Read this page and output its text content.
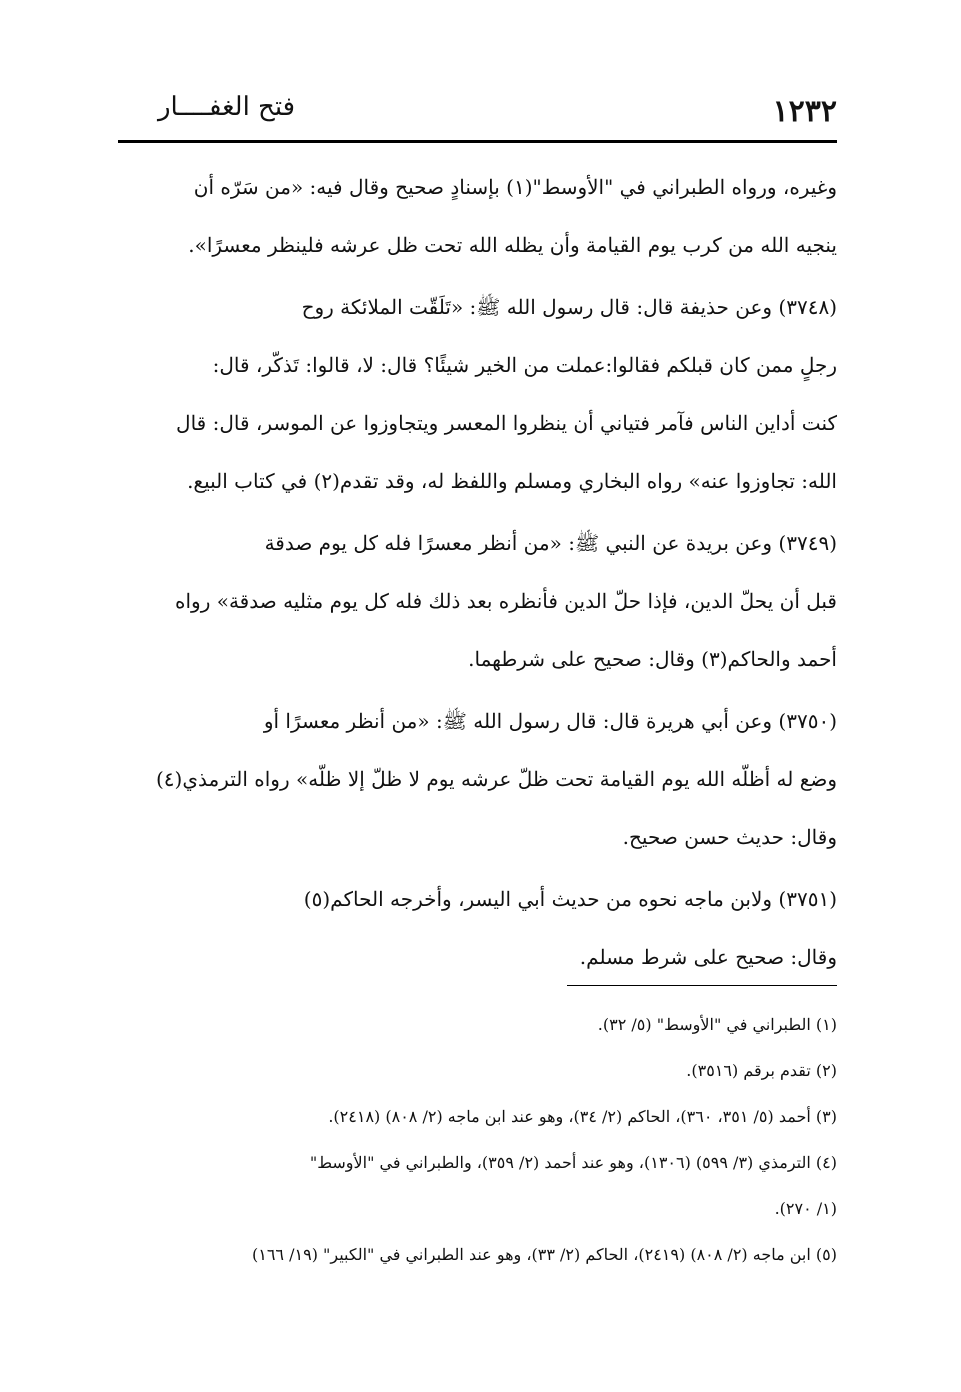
١٢٣٢
فتح الغفــــار
وغيره، ورواه الطبراني في "الأوسط"(١) بإسنادٍ صحيح وقال فيه: «من سَرّه أن
ينجيه الله من كرب يوم القيامة وأن يظله الله تحت ظل عرشه فلينظر معسرًا».
(٣٧٤٨) وعن حذيفة قال: قال رسول الله ﷺ: «تَلَقّت الملائكة روح
رجلٍ ممن كان قبلكم فقالوا:عملت من الخير شيئًا؟ قال: لا، قالوا: تَذكّر، قال:
كنت أداين الناس فآمر فتياني أن ينظروا المعسر ويتجاوزوا عن الموسر، قال: قال
الله: تجاوزوا عنه» رواه البخاري ومسلم واللفظ له، وقد تقدم(٢) في كتاب البيع.
(٣٧٤٩) وعن بريدة عن النبي ﷺ: «من أنظر معسرًا فله كل يوم صدقة
قبل أن يحلّ الدين، فإذا حلّ الدين فأنظره بعد ذلك فله كل يوم مثليه صدقة» رواه
أحمد والحاكم(٣) وقال: صحيح على شرطهما.
(٣٧٥٠) وعن أبي هريرة قال: قال رسول الله ﷺ: «من أنظر معسرًا أو
وضع له أظلّه الله يوم القيامة تحت ظلّ عرشه يوم لا ظلّ إلا ظلّه» رواه الترمذي(٤)
وقال: حديث حسن صحيح.
(٣٧٥١) ولابن ماجه نحوه من حديث أبي اليسر، وأخرجه الحاكم(٥)
وقال: صحيح على شرط مسلم.
(١) الطبراني في "الأوسط" (٥/ ٣٢).
(٢) تقدم برقم (٣٥١٦).
(٣) أحمد (٥/ ٣٥١، ٣٦٠)، الحاكم (٢/ ٣٤)، وهو عند ابن ماجه (٢/ ٨٠٨) (٢٤١٨).
(٤) الترمذي (٣/ ٥٩٩) (١٣٠٦)، وهو عند أحمد (٢/ ٣٥٩)، والطبراني في "الأوسط"
(١/ ٢٧٠).
(٥) ابن ماجه (٢/ ٨٠٨) (٢٤١٩)، الحاكم (٢/ ٣٣)، وهو عند الطبراني في "الكبير" (١٩/ ١٦٦)
